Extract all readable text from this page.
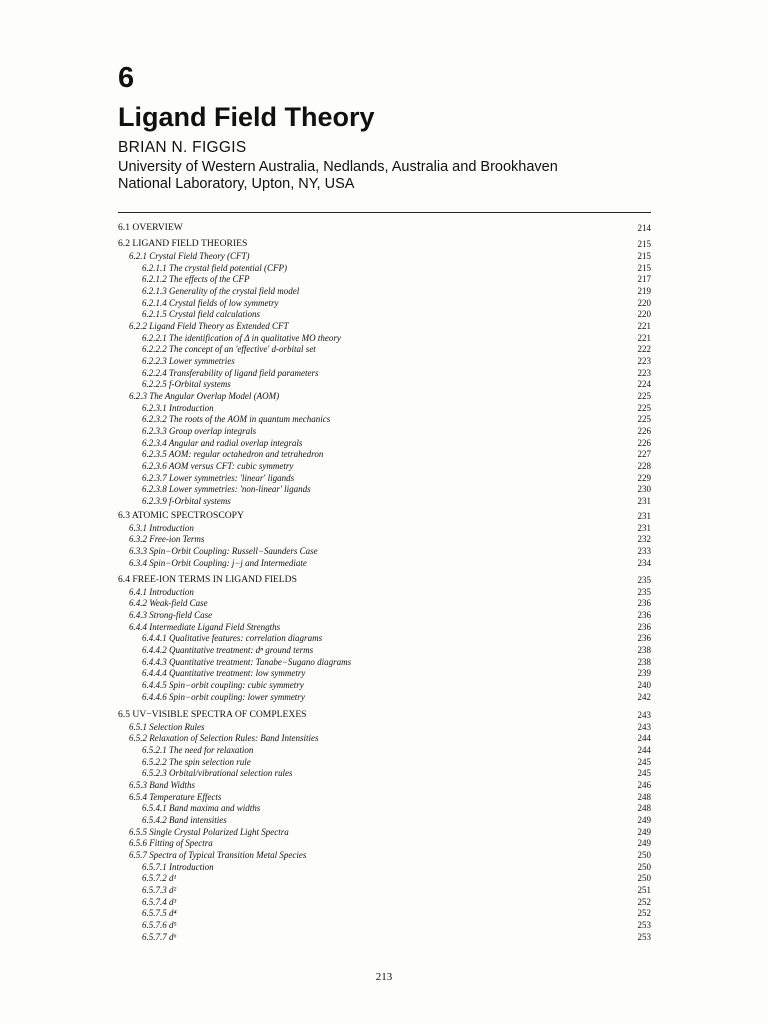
6
Ligand Field Theory
BRIAN N. FIGGIS
University of Western Australia, Nedlands, Australia and Brookhaven
National Laboratory, Upton, NY, USA
6.1 OVERVIEW	214
6.2 LIGAND FIELD THEORIES	215
6.2.1 Crystal Field Theory (CFT)	215
6.2.1.1 The crystal field potential (CFP)	215
6.2.1.2 The effects of the CFP	217
6.2.1.3 Generality of the crystal field model	219
6.2.1.4 Crystal fields of low symmetry	220
6.2.1.5 Crystal field calculations	220
6.2.2 Ligand Field Theory as Extended CFT	221
6.2.2.1 The identification of Δ in qualitative MO theory	221
6.2.2.2 The concept of an 'effective' d-orbital set	222
6.2.2.3 Lower symmetries	223
6.2.2.4 Transferability of ligand field parameters	223
6.2.2.5 f-Orbital systems	224
6.2.3 The Angular Overlap Model (AOM)	225
6.2.3.1 Introduction	225
6.2.3.2 The roots of the AOM in quantum mechanics	225
6.2.3.3 Group overlap integrals	226
6.2.3.4 Angular and radial overlap integrals	226
6.2.3.5 AOM: regular octahedron and tetrahedron	227
6.2.3.6 AOM versus CFT: cubic symmetry	228
6.2.3.7 Lower symmetries: 'linear' ligands	229
6.2.3.8 Lower symmetries: 'non-linear' ligands	230
6.2.3.9 f-Orbital systems	231
6.3 ATOMIC SPECTROSCOPY	231
6.3.1 Introduction	231
6.3.2 Free-ion Terms	232
6.3.3 Spin−Orbit Coupling: Russell−Saunders Case	233
6.3.4 Spin−Orbit Coupling: j−j and Intermediate	234
6.4 FREE-ION TERMS IN LIGAND FIELDS	235
6.4.1 Introduction	235
6.4.2 Weak-field Case	236
6.4.3 Strong-field Case	236
6.4.4 Intermediate Ligand Field Strengths	236
6.4.4.1 Qualitative features: correlation diagrams	236
6.4.4.2 Quantitative treatment: dⁿ ground terms	238
6.4.4.3 Quantitative treatment: Tanabe−Sugano diagrams	238
6.4.4.4 Quantitative treatment: low symmetry	239
6.4.4.5 Spin−orbit coupling: cubic symmetry	240
6.4.4.6 Spin−orbit coupling: lower symmetry	242
6.5 UV−VISIBLE SPECTRA OF COMPLEXES	243
6.5.1 Selection Rules	243
6.5.2 Relaxation of Selection Rules: Band Intensities	244
6.5.2.1 The need for relaxation	244
6.5.2.2 The spin selection rule	245
6.5.2.3 Orbital/vibrational selection rules	245
6.5.3 Band Widths	246
6.5.4 Temperature Effects	248
6.5.4.1 Band maxima and widths	248
6.5.4.2 Band intensities	249
6.5.5 Single Crystal Polarized Light Spectra	249
6.5.6 Fitting of Spectra	249
6.5.7 Spectra of Typical Transition Metal Species	250
6.5.7.1 Introduction	250
6.5.7.2 d¹	250
6.5.7.3 d²	251
6.5.7.4 d³	252
6.5.7.5 d⁴	252
6.5.7.6 d⁵	253
6.5.7.7 d⁶	253
213
